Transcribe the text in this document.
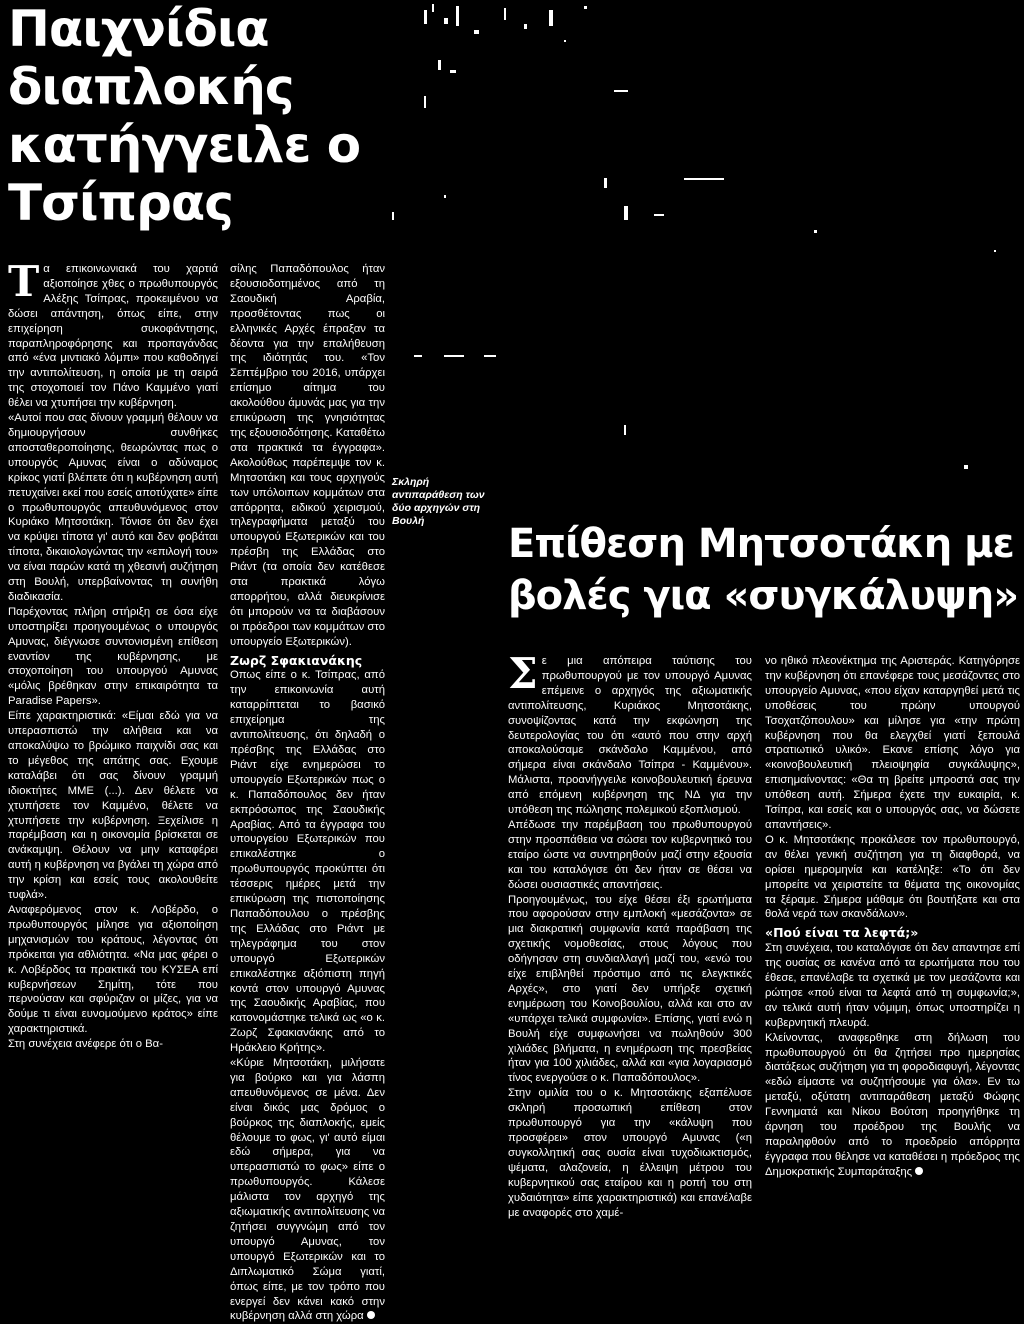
Παιχνίδια διαπλοκής κατήγγειλε ο Τσίπρας

Τα επικοινωνιακά του χαρτιά αξιοποίησε χθες ο πρωθυπουργός Αλέξης Τσίπρας, προκειμένου να δώσει απάντηση, όπως είπε, στην επιχείρηση συκοφάντησης, παραπληροφόρησης και προπαγάνδας από «ένα μιντιακό λόμπι» που καθοδηγεί την αντιπολίτευση, η οποία με τη σειρά της στοχοποιεί τον Πάνο Καμμένο γιατί θέλει να χτυπήσει την κυβέρνηση.

«Αυτοί που σας δίνουν γραμμή θέλουν να δημιουργήσουν συνθήκες αποσταθεροποίησης, θεωρώντας πως ο υπουργός Αμυνας είναι ο αδύναμος κρίκος γιατί βλέπετε ότι η κυβέρνηση αυτή πετυχαίνει εκεί που εσείς αποτύχατε» είπε ο πρωθυπουργός απευθυνόμενος στον Κυριάκο Μητσοτάκη. Τόνισε ότι δεν έχει να κρύψει τίποτα γι' αυτό και δεν φοβάται τίποτα, δικαιολογώντας την «επιλογή του» να είναι παρών κατά τη χθεσινή συζήτηση στη Βουλή, υπερβαίνοντας τη συνήθη διαδικασία.

Παρέχοντας πλήρη στήριξη σε όσα είχε υποστηρίξει προηγουμένως ο υπουργός Αμυνας, διέγνωσε συντονισμένη επίθεση εναντίον της κυβέρνησης, με στοχοποίηση του υπουργού Αμυνας «μόλις βρέθηκαν στην επικαιρότητα τα Paradise Papers».

Είπε χαρακτηριστικά: «Είμαι εδώ για να υπερασπιστώ την αλήθεια και να αποκαλύψω το βρώμικο παιχνίδι σας και το μέγεθος της απάτης σας. Εχουμε καταλάβει ότι σας δίνουν γραμμή ιδιοκτήτες ΜΜΕ (...). Δεν θέλετε να χτυπήσετε τον Καμμένο, θέλετε να χτυπήσετε την κυβέρνηση. Ξεχείλισε η παρέμβαση και η οικονομία βρίσκεται σε ανάκαμψη. Θέλουν να μην καταφέρει αυτή η κυβέρνηση να βγάλει τη χώρα από την κρίση και εσείς τους ακολουθείτε τυφλά».

Αναφερόμενος στον κ. Λοβέρδο, ο πρωθυπουργός μίλησε για αξιοποίηση μηχανισμών του κράτους, λέγοντας ότι πρόκειται για αθλιότητα. «Να μας φέρει ο κ. Λοβέρδος τα πρακτικά του ΚΥΣΕΑ επί κυβερνήσεων Σημίτη, τότε που περνούσαν και σφύριζαν οι μίζες, για να δούμε τι είναι ευνομούμενο κράτος» είπε χαρακτηριστικά.

Στη συνέχεια ανέφερε ότι ο Βα-

σίλης Παπαδόπουλος ήταν εξουσιοδοτημένος από τη Σαουδική Αραβία, προσθέτοντας πως οι ελληνικές Αρχές έπραξαν τα δέοντα για την επαλήθευση της ιδιότητάς του. «Τον Σεπτέμβριο του 2016, υπάρχει επίσημο αίτημα του ακολούθου άμυνάς μας για την επικύρωση της γνησιότητας της εξουσιοδότησης. Καταθέτω στα πρακτικά τα έγγραφα». Ακολούθως παρέπεμψε τον κ. Μητσοτάκη και τους αρχηγούς των υπόλοιπων κομμάτων στα απόρρητα, ειδικού χειρισμού, τηλεγραφήματα μεταξύ του υπουργού Εξωτερικών και του πρέσβη της Ελλάδας στο Ριάντ (τα οποία δεν κατέθεσε στα πρακτικά λόγω απορρήτου, αλλά διευκρίνισε ότι μπορούν να τα διαβάσουν οι πρόεδροι των κομμάτων στο υπουργείο Εξωτερικών).

Ζωρζ Σφακιανάκης

Οπως είπε ο κ. Τσίπρας, από την επικοινωνία αυτή καταρρίπτεται το βασικό επιχείρημα της αντιπολίτευσης, ότι δηλαδή ο πρέσβης της Ελλάδας στο Ριάντ είχε ενημερώσει το υπουργείο Εξωτερικών πως ο κ. Παπαδόπουλος δεν ήταν εκπρόσωπος της Σαουδικής Αραβίας. Από τα έγγραφα του υπουργείου Εξωτερικών που επικαλέστηκε ο πρωθυπουργός προκύπτει ότι τέσσερις ημέρες μετά την επικύρωση της πιστοποίησης Παπαδόπουλου ο πρέσβης της Ελλάδας στο Ριάντ με τηλεγράφημα του στον υπουργό Εξωτερικών επικαλέστηκε αξιόπιστη πηγή κοντά στον υπουργό Αμυνας της Σαουδικής Αραβίας, που κατονομάστηκε τελικά ως «ο κ. Ζωρζ Σφακιανάκης από το Ηράκλειο Κρήτης».

«Κύριε Μητσοτάκη, μιλήσατε για βούρκο και για λάσπη απευθυνόμενος σε μένα. Δεν είναι δικός μας δρόμος ο βούρκος της διαπλοκής, εμείς θέλουμε το φως, γι' αυτό είμαι εδώ σήμερα, για να υπερασπιστώ το φως» είπε ο πρωθυπουργός. Κάλεσε μάλιστα τον αρχηγό της αξιωματικής αντιπολίτευσης να ζητήσει συγγνώμη από τον υπουργό Αμυνας, τον υπουργό Εξωτερικών και το Διπλωματικό Σώμα γιατί, όπως είπε, με τον τρόπο που ενεργεί δεν κάνει κακό στην κυβέρνηση αλλά στη χώρα

Σκληρή αντιπαράθεση των δύο αρχηγών στη Βουλή	Επίθεση Μητσοτάκη με βολές για «συγκάλυψη»

Σε μια απόπειρα ταύτισης του πρωθυπουργού με τον υπουργό Αμυνας επέμεινε ο αρχηγός της αξιωματικής αντιπολίτευσης, Κυριάκος Μητσοτάκης, συνοψίζοντας κατά την εκφώνηση της δευτερολογίας του ότι «αυτό που στην αρχή αποκαλούσαμε σκάνδαλο Καμμένου, από σήμερα είναι σκάνδαλο Τσίπρα - Καμμένου». Μάλιστα, προανήγγειλε κοινοβουλευτική έρευνα από επόμενη κυβέρνηση της ΝΔ για την υπόθεση της πώλησης πολεμικού εξοπλισμού.

Απέδωσε την παρέμβαση του πρωθυπουργού στην προσπάθεια να σώσει τον κυβερνητικό του εταίρο ώστε να συντηρηθούν μαζί στην εξουσία και του καταλόγισε ότι δεν ήταν σε θέσει να δώσει ουσιαστικές απαντήσεις.

Προηγουμένως, του είχε θέσει έξι ερωτήματα που αφορούσαν στην εμπλοκή «μεσάζοντα» σε μια διακρατική συμφωνία κατά παράβαση της σχετικής νομοθεσίας, στους λόγους που οδήγησαν στη συνδιαλλαγή μαζί του, «ενώ του είχε επιβληθεί πρόστιμο από τις ελεγκτικές Αρχές», στο γιατί δεν υπήρξε σχετική ενημέρωση του Κοινοβουλίου, αλλά και στο αν «υπάρχει τελικά συμφωνία». Επίσης, γιατί ενώ η Βουλή είχε συμφωνήσει να πωληθούν 300 χιλιάδες βλήματα, η ενημέρωση της πρεσβείας ήταν για 100 χιλιάδες, αλλά και «για λογαριασμό τίνος ενεργούσε ο κ. Παπαδόπουλος».

Στην ομιλία του ο κ. Μητσοτάκης εξαπέλυσε σκληρή προσωπική επίθεση στον πρωθυπουργό για την «κάλυψη που προσφέρει» στον υπουργό Αμυνας («η συγκολλητική σας ουσία είναι τυχοδιωκτισμός, ψέματα, αλαζονεία, η έλλειψη μέτρου του κυβερνητικού σας εταίρου και η ροπή του στη χυδαιότητα» είπε χαρακτηριστικά) και επανέλαβε με αναφορές στο χαμέ-

νο ηθικό πλεονέκτημα της Αριστεράς. Κατηγόρησε την κυβέρνηση ότι επανέφερε τους μεσάζοντες στο υπουργείο Αμυνας, «που είχαν καταργηθεί μετά τις υποθέσεις του πρώην υπουργού Τσοχατζόπουλου» και μίλησε για «την πρώτη κυβέρνηση που θα ελεγχθεί γιατί ξεπουλά στρατιωτικό υλικό». Εκανε επίσης λόγο για «κοινοβουλευτική πλειοψηφία συγκάλυψης», επισημαίνοντας: «Θα τη βρείτε μπροστά σας την υπόθεση αυτή. Σήμερα έχετε την ευκαιρία, κ. Τσίπρα, και εσείς και ο υπουργός σας, να δώσετε απαντήσεις».

Ο κ. Μητσοτάκης προκάλεσε τον πρωθυπουργό, αν θέλει γενική συζήτηση για τη διαφθορά, να ορίσει ημερομηνία και κατέληξε: «Το ότι δεν μπορείτε να χειριστείτε τα θέματα της οικονομίας τα ξέραμε. Σήμερα μάθαμε ότι βουτήξατε και στα θολά νερά των σκανδάλων».

«Πού είναι τα λεφτά;»

Στη συνέχεια, του καταλόγισε ότι δεν απαντησε επί της ουσίας σε κανένα από τα ερωτήματα που του έθεσε, επανέλαβε τα σχετικά με τον μεσάζοντα και ρώτησε «πού είναι τα λεφτά από τη συμφωνία;», αν τελικά αυτή ήταν νόμιμη, όπως υποστηρίζει η κυβερνητική πλευρά.

Κλείνοντας, αναφερθηκε στη δήλωση του πρωθυπουργού ότι θα ζητήσει προ ημερησίας διατάξεως συζήτηση για τη φοροδιαφυγή, λέγοντας «εδώ είμαστε να συζητήσουμε για όλα». Εν τω μεταξύ, οξύτατη αντιπαράθεση μεταξύ Φώφης Γεννηματά και Νίκου Βούτση προηγήθηκε τη άρνηση του προέδρου της Βουλής να παραληφθούν από το προεδρείο απόρρητα έγγραφα που θέλησε να καταθέσει η πρόεδρος της Δημοκρατικής Συμπαράταξης
